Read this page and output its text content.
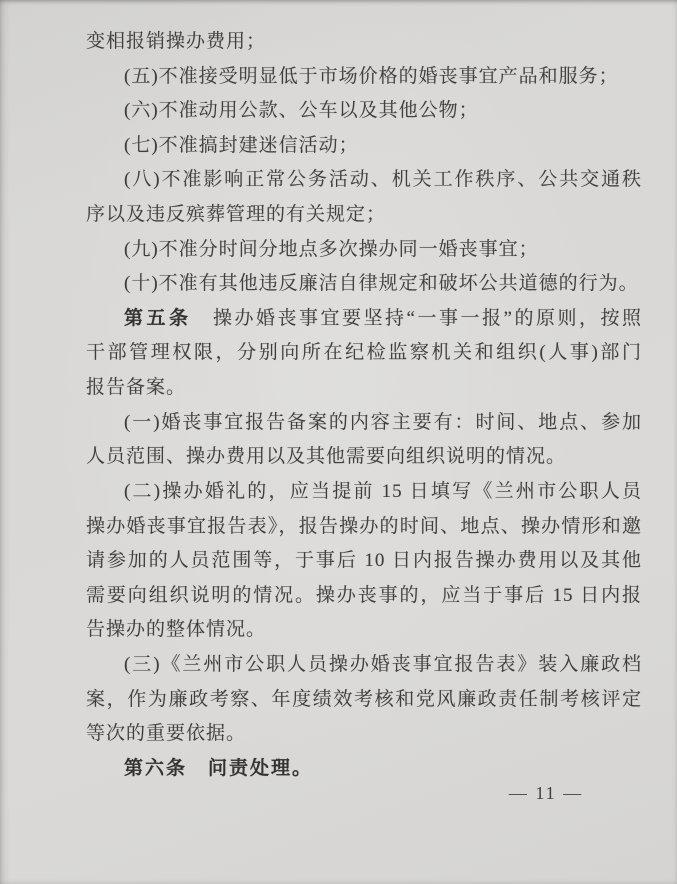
变相报销操办费用；
(五)不准接受明显低于市场价格的婚丧事宜产品和服务；
(六)不准动用公款、公车以及其他公物；
(七)不准搞封建迷信活动；
(八)不准影响正常公务活动、机关工作秩序、公共交通秩
序以及违反殡葬管理的有关规定；
(九)不准分时间分地点多次操办同一婚丧事宜；
(十)不准有其他违反廉洁自律规定和破坏公共道德的行为。
第五条　操办婚丧事宜要坚持“一事一报”的原则，按照
干部管理权限，分别向所在纪检监察机关和组织(人事)部门
报告备案。
(一)婚丧事宜报告备案的内容主要有：时间、地点、参加
人员范围、操办费用以及其他需要向组织说明的情况。
(二)操办婚礼的，应当提前 15 日填写《兰州市公职人员
操办婚丧事宜报告表》，报告操办的时间、地点、操办情形和邀
请参加的人员范围等，于事后 10 日内报告操办费用以及其他
需要向组织说明的情况。操办丧事的，应当于事后 15 日内报
告操办的整体情况。
(三)《兰州市公职人员操办婚丧事宜报告表》装入廉政档
案，作为廉政考察、年度绩效考核和党风廉政责任制考核评定
等次的重要依据。
第六条　问责处理。
— 11 —
